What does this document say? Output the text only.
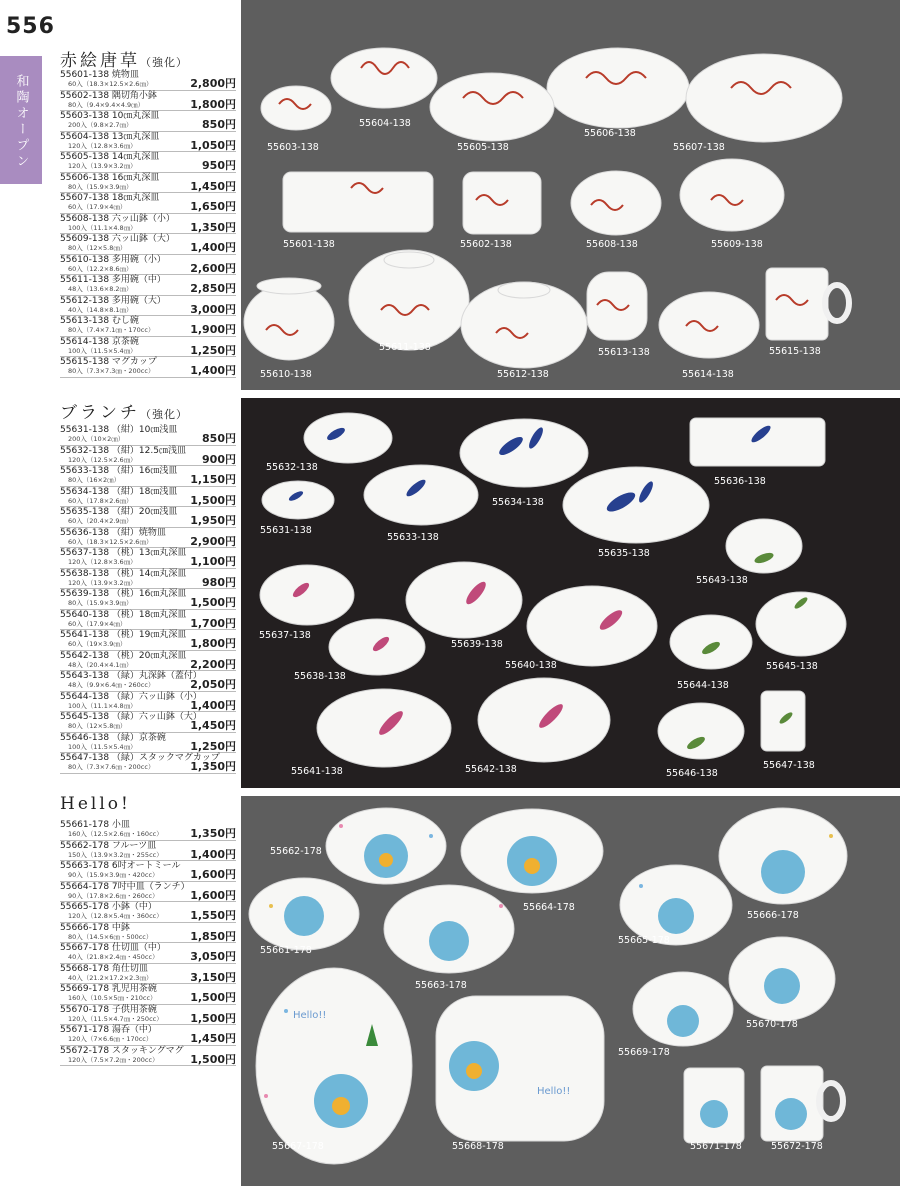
556
和陶オープン
赤絵唐草（強化）
ブランチ（強化）
Hello!
55601-138 焼物皿
60入（18.3×12.5×2.6㎝）	2,800円
55602-138 隅切角小鉢
80入（9.4×9.4×4.9㎝）	1,800円
55603-138 10㎝丸深皿
200入（9.8×2.7㎝）	850円
55604-138 13㎝丸深皿
120入（12.8×3.6㎝）	1,050円
55605-138 14㎝丸深皿
120入（13.9×3.2㎝）	950円
55606-138 16㎝丸深皿
80入（15.9×3.9㎝）	1,450円
55607-138 18㎝丸深皿
60入（17.9×4㎝）	1,650円
55608-138 六ッ山鉢（小）
100入（11.1×4.8㎝）	1,350円
55609-138 六ッ山鉢（大）
80入（12×5.8㎝）	1,400円
55610-138 多用碗（小）
60入（12.2×8.6㎝）	2,600円
55611-138 多用碗（中）
48入（13.6×8.2㎝）	2,850円
55612-138 多用碗（大）
40入（14.8×8.1㎝）	3,000円
55613-138 むし碗
80入（7.4×7.1㎝・170cc）	1,900円
55614-138 京茶碗
100入（11.5×5.4㎝）	1,250円
55615-138 マグカップ
80入（7.3×7.3㎝・200cc）	1,400円
55631-138 （紺）10㎝浅皿
200入（10×2㎝）	850円
55632-138 （紺）12.5㎝浅皿
120入（12.5×2.6㎝）	900円
55633-138 （紺）16㎝浅皿
80入（16×2㎝）	1,150円
55634-138 （紺）18㎝浅皿
60入（17.8×2.6㎝）	1,500円
55635-138 （紺）20㎝浅皿
60入（20.4×2.9㎝）	1,950円
55636-138 （紺）焼物皿
60入（18.3×12.5×2.6㎝）	2,900円
55637-138 （桃）13㎝丸深皿
120入（12.8×3.6㎝）	1,100円
55638-138 （桃）14㎝丸深皿
120入（13.9×3.2㎝）	980円
55639-138 （桃）16㎝丸深皿
80入（15.9×3.9㎝）	1,500円
55640-138 （桃）18㎝丸深皿
60入（17.9×4㎝）	1,700円
55641-138 （桃）19㎝丸深皿
60入（19×3.9㎝）	1,800円
55642-138 （桃）20㎝丸深皿
48入（20.4×4.1㎝）	2,200円
55643-138 （緑）丸深鉢（蓋付）
48入（9.9×6.4㎝・260cc）	2,050円
55644-138 （緑）六ッ山鉢（小）
100入（11.1×4.8㎝）	1,400円
55645-138 （緑）六ッ山鉢（大）
80入（12×5.8㎝）	1,450円
55646-138 （緑）京茶碗
100入（11.5×5.4㎝）	1,250円
55647-138 （緑）スタックマグカップ
80入（7.3×7.6㎝・200cc）	1,350円
55661-178 小皿
160入（12.5×2.6㎝・160cc） 1,350円
55662-178 フルーツ皿
150入（13.9×3.2㎝・255cc） 1,400円
55663-178 6吋オートミール
90入（15.9×3.9㎝・420cc）	1,600円
55664-178 7吋中皿（ランチ）
90入（17.8×2.6㎝・260cc）	1,600円
55665-178 小鉢（中）
120入（12.8×5.4㎝・360cc） 1,550円
55666-178 中鉢
80入（14.5×6㎝・500cc）	1,850円
55667-178 仕切皿（中）
40入（21.8×2.4㎝・450cc）	3,050円
55668-178 角仕切皿
40入（21.2×17.2×2.3㎝）	3,150円
55669-178 乳児用茶碗
160入（10.5×5㎝・210cc）	1,500円
55670-178 子供用茶碗
120入（11.5×4.7㎝・250cc） 1,500円
55671-178 湯呑（中）
120入（7×6.6㎝・170cc）	1,450円
55672-178 スタッキングマグ
120入（7.5×7.2㎝・200cc）	1,500円
55604-138
55606-138
55607-138
55603-138	55605-138
55601-138	55602-138	55608-138	55609-138
55611-138	55613-138	55615-138
55610-138	55612-138	55614-138
55632-138
55634-138
55636-138
55631-138
55633-138
55635-138
55643-138
55637-138
55639-138
55640-138
55638-138
55644-138
55645-138
55641-138	55642-138	55646-138
55647-138
Hello!!
Hello!!
55662-178
55664-178
55666-178
55661-178
55665-178
55663-178
55670-178
55669-178
55667-178	55668-178	55671-178	55672-178
